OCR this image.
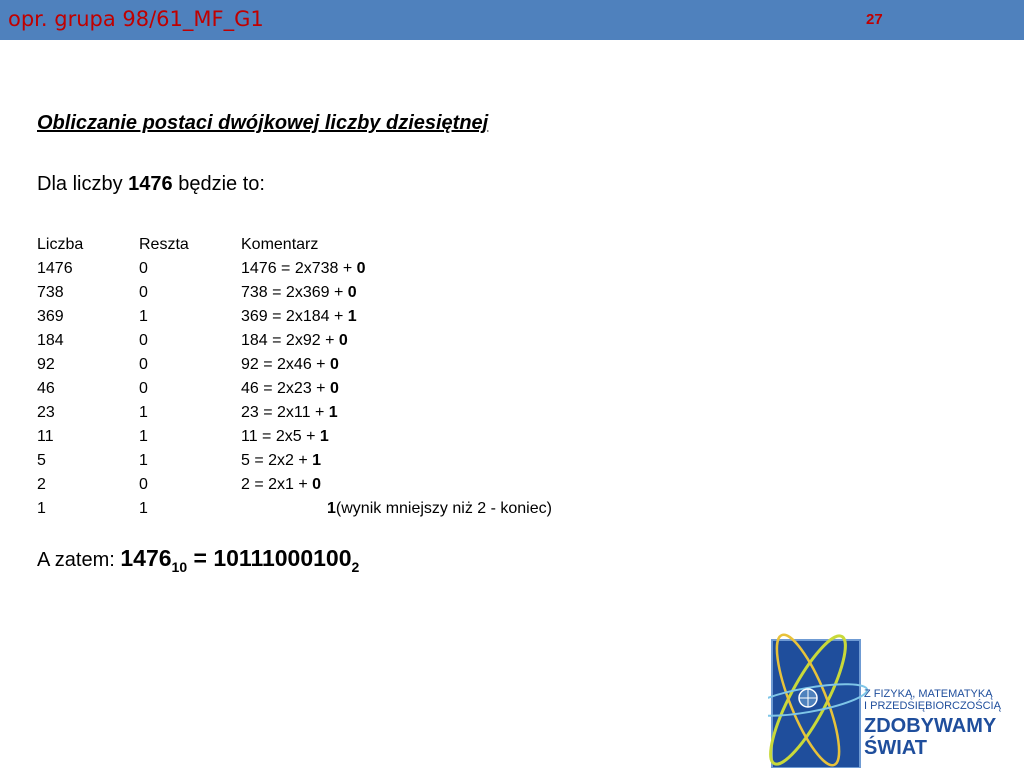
opr. grupa 98/61_MF_G1	27
Obliczanie postaci dwójkowej liczby dziesiętnej
Dla liczby 1476 będzie to:
Liczba	Reszta	Komentarz
1476	0	1476 = 2x738 + 0
738	0	738 = 2x369 + 0
369	1	369 = 2x184 + 1
184	0	184 = 2x92 + 0
92	0	92 = 2x46 + 0
46	0	46 = 2x23 + 0
23	1	23 = 2x11 + 1
11	1	11 = 2x5 + 1
5	1	5 = 2x2 + 1
2	0	2 = 2x1 + 0
1	1	1(wynik mniejszy niż 2 - koniec)
A zatem: $1476_{10} = 10111000100_2$
Z FIZYKĄ, MATEMATYKĄ
I PRZEDSIĘBIORCZOŚCIĄ
ZDOBYWAMY
ŚWIAT
